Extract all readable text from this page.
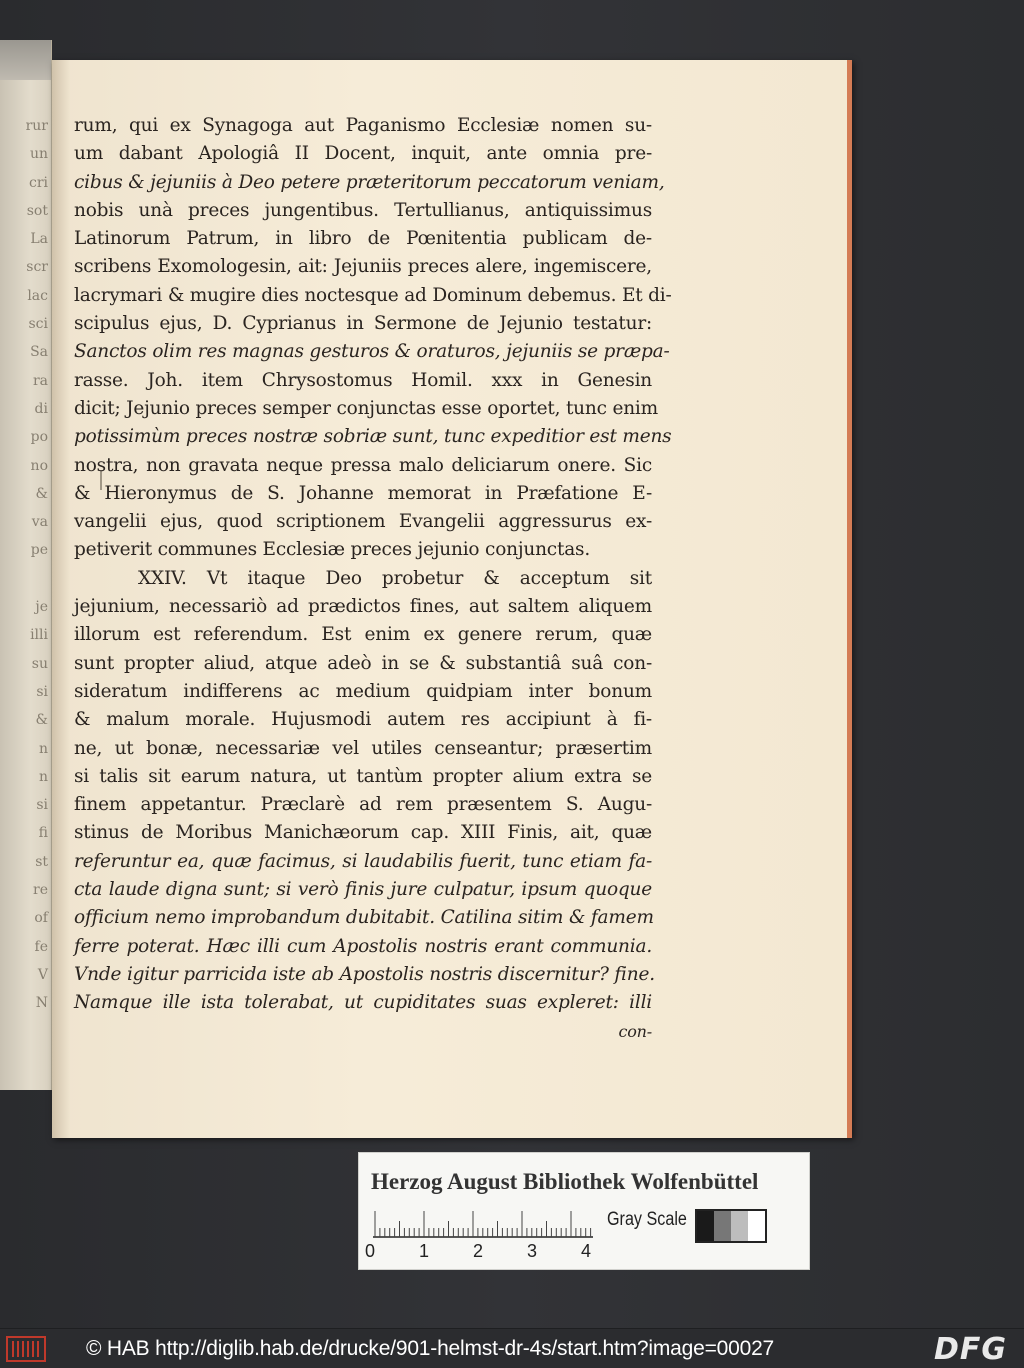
rur
un
cri
sot
La
scr
lac
sci
Sa
ra
di
po
no
&
va
pe
je
illi
su
si
&
n
n
si
fi
st
re
of
fe
V
N
rum, qui ex Synagoga aut Paganismo Ecclesiæ nomen su-
um dabant Apologiâ II Docent, inquit, ante omnia pre-
cibus & jejuniis à Deo petere præteritorum peccatorum veniam,
nobis unà preces jungentibus. Tertullianus, antiquissimus
Latinorum Patrum, in libro de Pœnitentia publicam de-
scribens Exomologesin, ait: Jejuniis preces alere, ingemiscere,
lacrymari & mugire dies noctesque ad Dominum debemus. Et di-
scipulus ejus, D. Cyprianus in Sermone de Jejunio testatur:
Sanctos olim res magnas gesturos & oraturos, jejuniis se præpa-
rasse. Joh. item Chrysostomus Homil. xxx in Genesin
dicit; Jejunio preces semper conjunctas esse oportet, tunc enim
potissimùm preces nostræ sobriæ sunt, tunc expeditior est mens
nostra, non gravata neque pressa malo deliciarum onere. Sic
& Hieronymus de S. Johanne memorat in Præfatione E-
vangelii ejus, quod scriptionem Evangelii aggressurus ex-
petiverit communes Ecclesiæ preces jejunio conjunctas.
XXIV. Vt itaque Deo probetur & acceptum sit
jejunium, necessariò ad prædictos fines, aut saltem aliquem
illorum est referendum. Est enim ex genere rerum, quæ
sunt propter aliud, atque adeò in se & substantiâ suâ con-
sideratum indifferens ac medium quidpiam inter bonum
& malum morale. Hujusmodi autem res accipiunt à fi-
ne, ut bonæ, necessariæ vel utiles censeantur; præsertim
si talis sit earum natura, ut tantùm propter alium extra se
finem appetantur. Præclarè ad rem præsentem S. Augu-
stinus de Moribus Manichæorum cap. XIII Finis, ait, quæ
referuntur ea, quæ facimus, si laudabilis fuerit, tunc etiam fa-
cta laude digna sunt; si verò finis jure culpatur, ipsum quoque
officium nemo improbandum dubitabit. Catilina sitim & famem
ferre poterat. Hæc illi cum Apostolis nostris erant communia.
Vnde igitur parricida iste ab Apostolis nostris discernitur? fine.
Namque ille ista tolerabat, ut cupiditates suas expleret: illi
con-
Herzog August Bibliothek Wolfenbüttel
0 1 2 3 4
Gray Scale
© HAB http://diglib.hab.de/drucke/901-helmst-dr-4s/start.htm?image=00027	DFG
